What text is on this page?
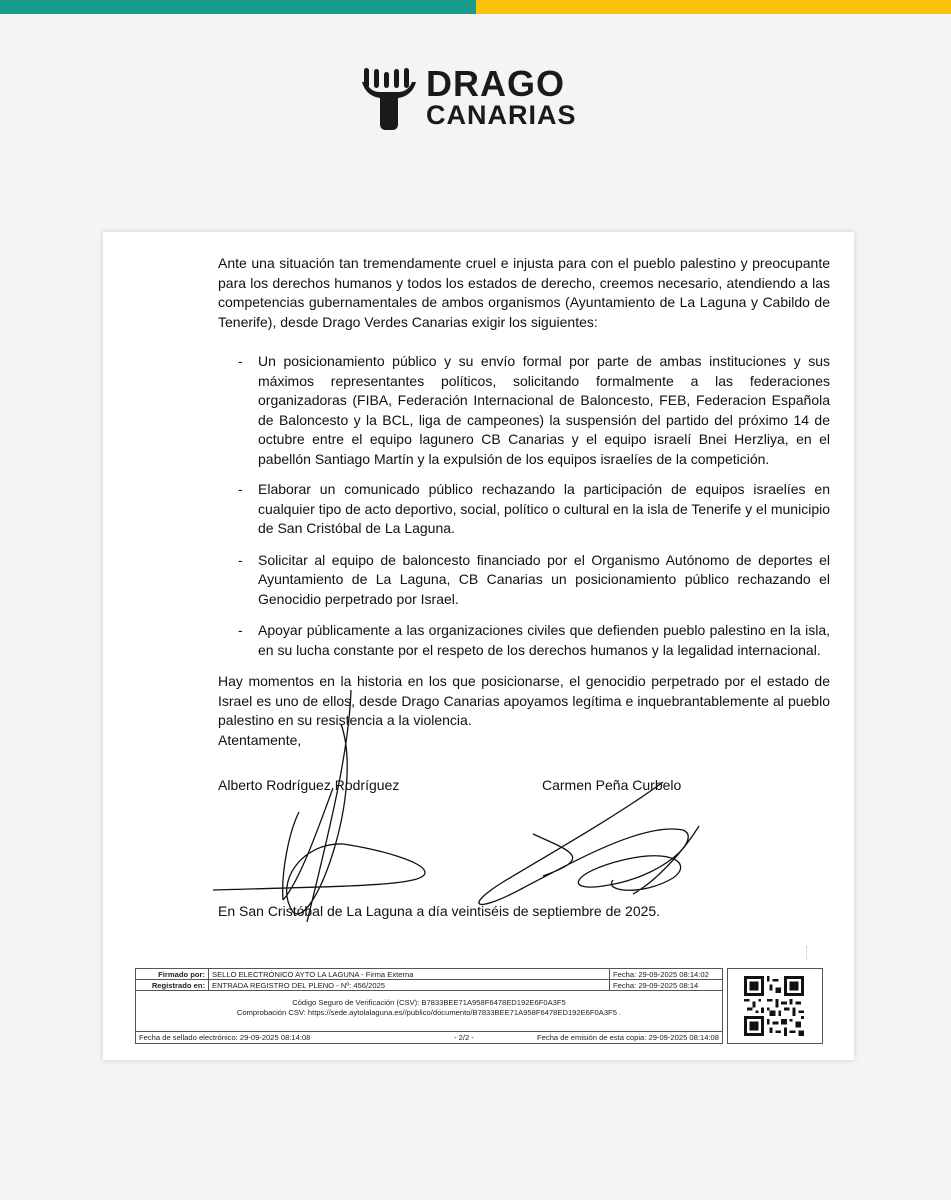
DRAGO
CANARIAS

Ante una situación tan tremendamente cruel e injusta para con el pueblo palestino y preocupante para los derechos humanos y todos los estados de derecho, creemos necesario, atendiendo a las competencias gubernamentales de ambos organismos (Ayuntamiento de La Laguna y Cabildo de Tenerife), desde Drago Verdes Canarias exigir los siguientes:

- Un posicionamiento público y su envío formal por parte de ambas instituciones y sus máximos representantes políticos, solicitando formalmente a las federaciones organizadoras (FIBA, Federación Internacional de Baloncesto, FEB, Federacion Española de Baloncesto y la BCL, liga de campeones) la suspensión del partido del próximo 14 de octubre entre el equipo lagunero CB Canarias y el equipo israelí Bnei Herzliya, en el pabellón Santiago Martín y la expulsión de los equipos israelíes de la competición.
- Elaborar un comunicado público rechazando la participación de equipos israelíes en cualquier tipo de acto deportivo, social, político o cultural en la isla de Tenerife y el municipio de San Cristóbal de La Laguna.
- Solicitar al equipo de baloncesto financiado por el Organismo Autónomo de deportes el Ayuntamiento de La Laguna, CB Canarias un posicionamiento público rechazando el Genocidio perpetrado por Israel.
- Apoyar públicamente a las organizaciones civiles que defienden pueblo palestino en la isla, en su lucha constante por el respeto de los derechos humanos y la legalidad internacional.

Hay momentos en la historia en los que posicionarse, el genocidio perpetrado por el estado de Israel es uno de ellos, desde Drago Canarias apoyamos legítima e inquebrantablemente al pueblo palestino en su resistencia a la violencia.

Atentamente,

Alberto Rodríguez Rodríguez	Carmen Peña Curbelo
En San Cristóbal de La Laguna a día veintiséis de septiembre de 2025.
Firmado por:	SELLO ELECTRÓNICO AYTO LA LAGUNA - Firma Externa	Fecha: 29-09-2025 08:14:02
Registrado en:	ENTRADA REGISTRO DEL PLENO - Nº: 456/2025	Fecha: 29-09-2025 08:14
Código Seguro de Verificación (CSV): B7833BEE71A958F6478ED192E6F0A3F5
Comprobación CSV: https://sede.aytolalaguna.es//publico/documento/B7833BEE71A958F6478ED192E6F0A3F5 .
Fecha de sellado electrónico: 29-09-2025 08:14:08	- 2/2 -	Fecha de emisión de esta copia: 29-09-2025 08:14:08
